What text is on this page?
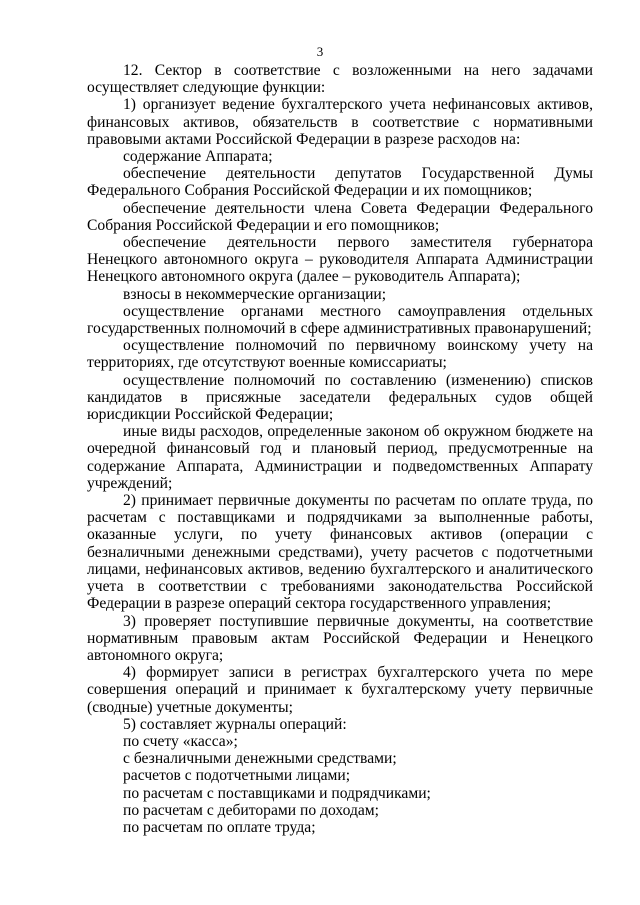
3

12. Сектор в соответствие с возложенными на него задачами осуществляет следующие функции:

1) организует ведение бухгалтерского учета нефинансовых активов, финансовых активов, обязательств в соответствие с нормативными правовыми актами Российской Федерации в разрезе расходов на:

содержание Аппарата;

обеспечение деятельности депутатов Государственной Думы Федерального Собрания Российской Федерации и их помощников;

обеспечение деятельности члена Совета Федерации Федерального Собрания Российской Федерации и его помощников;

обеспечение деятельности первого заместителя губернатора Ненецкого автономного округа – руководителя Аппарата Администрации Ненецкого автономного округа (далее – руководитель Аппарата);

взносы в некоммерческие организации;

осуществление органами местного самоуправления отдельных государственных полномочий в сфере административных правонарушений;

осуществление полномочий по первичному воинскому учету на территориях, где отсутствуют военные комиссариаты;

осуществление полномочий по составлению (изменению) списков кандидатов в присяжные заседатели федеральных судов общей юрисдикции Российской Федерации;

иные виды расходов, определенные законом об окружном бюджете на очередной финансовый год и плановый период, предусмотренные на содержание Аппарата, Администрации и подведомственных Аппарату учреждений;

2) принимает первичные документы по расчетам по оплате труда, по расчетам с поставщиками и подрядчиками за выполненные работы, оказанные услуги, по учету финансовых активов (операции с безналичными денежными средствами), учету расчетов с подотчетными лицами, нефинансовых активов, ведению бухгалтерского и аналитического учета в соответствии с требованиями законодательства Российской Федерации в разрезе операций сектора государственного управления;

3) проверяет поступившие первичные документы, на соответствие нормативным правовым актам Российской Федерации и Ненецкого автономного округа;

4) формирует записи в регистрах бухгалтерского учета по мере совершения операций и принимает к бухгалтерскому учету первичные (сводные) учетные документы;

5) составляет журналы операций:

по счету «касса»;

с безналичными денежными средствами;

расчетов с подотчетными лицами;

по расчетам с поставщиками и подрядчиками;

по расчетам с дебиторами по доходам;

по расчетам по оплате труда;
